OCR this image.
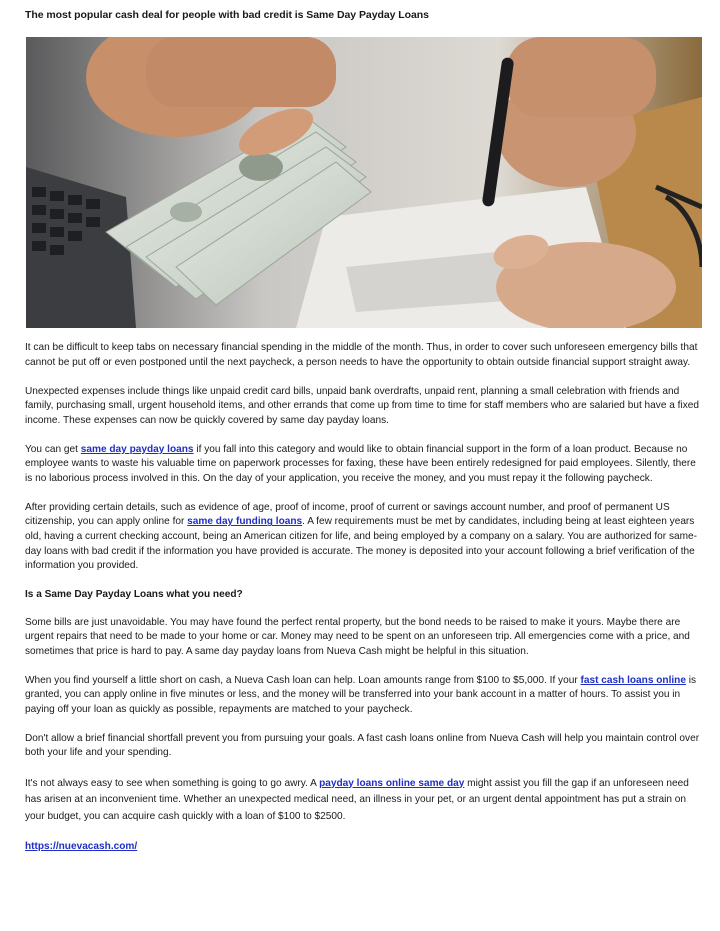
The most popular cash deal for people with bad credit is Same Day Payday Loans

It can be difficult to keep tabs on necessary financial spending in the middle of the month. Thus, in order to cover such unforeseen emergency bills that cannot be put off or even postponed until the next paycheck, a person needs to have the opportunity to obtain outside financial support straight away.

Unexpected expenses include things like unpaid credit card bills, unpaid bank overdrafts, unpaid rent, planning a small celebration with friends and family, purchasing small, urgent household items, and other errands that come up from time to time for staff members who are salaried but have a fixed income. These expenses can now be quickly covered by same day payday loans.

You can get same day payday loans if you fall into this category and would like to obtain financial support in the form of a loan product. Because no employee wants to waste his valuable time on paperwork processes for faxing, these have been entirely redesigned for paid employees. Silently, there is no laborious process involved in this. On the day of your application, you receive the money, and you must repay it the following paycheck.

After providing certain details, such as evidence of age, proof of income, proof of current or savings account number, and proof of permanent US citizenship, you can apply online for same day funding loans. A few requirements must be met by candidates, including being at least eighteen years old, having a current checking account, being an American citizen for life, and being employed by a company on a salary. You are authorized for same-day loans with bad credit if the information you have provided is accurate. The money is deposited into your account following a brief verification of the information you provided.

Is a Same Day Payday Loans what you need?

Some bills are just unavoidable. You may have found the perfect rental property, but the bond needs to be raised to make it yours. Maybe there are urgent repairs that need to be made to your home or car. Money may need to be spent on an unforeseen trip. All emergencies come with a price, and sometimes that price is hard to pay. A same day payday loans from Nueva Cash might be helpful in this situation.

When you find yourself a little short on cash, a Nueva Cash loan can help. Loan amounts range from $100 to $5,000. If your fast cash loans online is granted, you can apply online in five minutes or less, and the money will be transferred into your bank account in a matter of hours. To assist you in paying off your loan as quickly as possible, repayments are matched to your paycheck.

Don't allow a brief financial shortfall prevent you from pursuing your goals. A fast cash loans online from Nueva Cash will help you maintain control over both your life and your spending.

It's not always easy to see when something is going to go awry. A payday loans online same day might assist you fill the gap if an unforeseen need has arisen at an inconvenient time. Whether an unexpected medical need, an illness in your pet, or an urgent dental appointment has put a strain on your budget, you can acquire cash quickly with a loan of $100 to $2500.

https://nuevacash.com/
